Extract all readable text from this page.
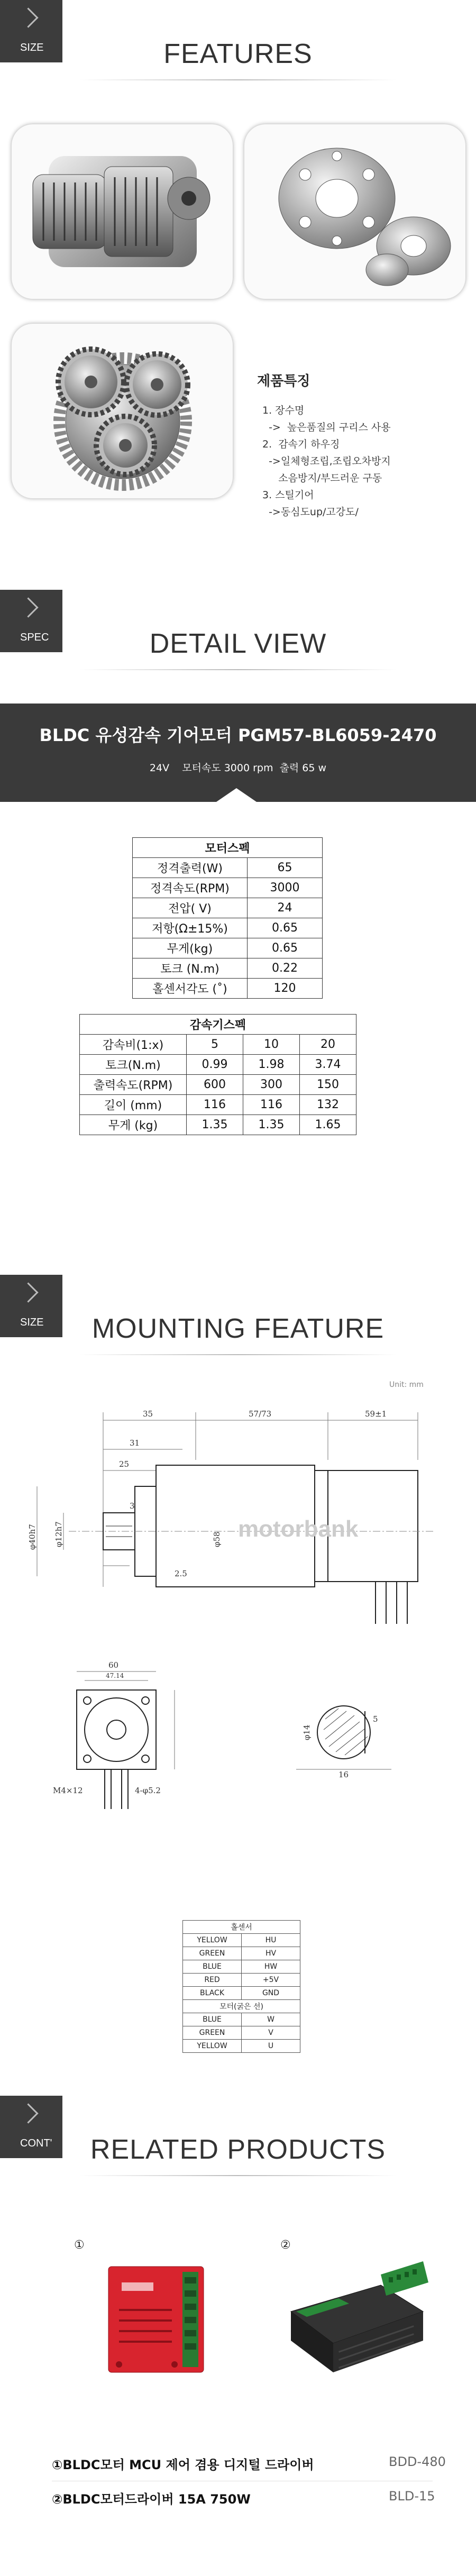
SIZE	FEATURES
제품특징
1. 장수명
->  높은품질의 구리스 사용
2.  감속기 하우징
->일체형조립,조립오차방지
소음방지/부드러운 구동
3. 스틸기어
->동심도up/고강도/
SPEC	DETAIL VIEW
BLDC 유성감속 기어모터 PGM57-BL6059-2470
24V    모터속도 3000 rpm  출력 65 w
모터스펙	
정격출력(W)	65
정격속도(RPM)	3000
전압( V)	24
저항(Ω±15%)	0.65
무게(kg)	0.65
토크 (N.m)	0.22
홀센서각도 (˚)	120
감속기스펙			
감속비(1:x)	5	10	20
토크(N.m)	0.99	1.98	3.74
출력속도(RPM)	600	300	150
길이 (mm)	116	116	132
무게 (kg)	1.35	1.35	1.65
SIZE	MOUNTING FEATURE
Unit: mm
motorbank
35	57/73	59±1
31
25
3
2.5
φ40h7 φ12h7	φ58
60
47.14
M4×12	4-φ5.2
φ14
5
16
홀센서	
YELLOW	HU
GREEN	HV
BLUE	HW
RED	+5V
BLACK	GND
모터(굵은 선)	
BLUE	W
GREEN	V
YELLOW	U
CONT'	RELATED PRODUCTS
①	②
①BLDC모터 MCU 제어 겸용 디지털 드라이버	BDD-480
②BLDC모터드라이버 15A 750W	BLD-15
